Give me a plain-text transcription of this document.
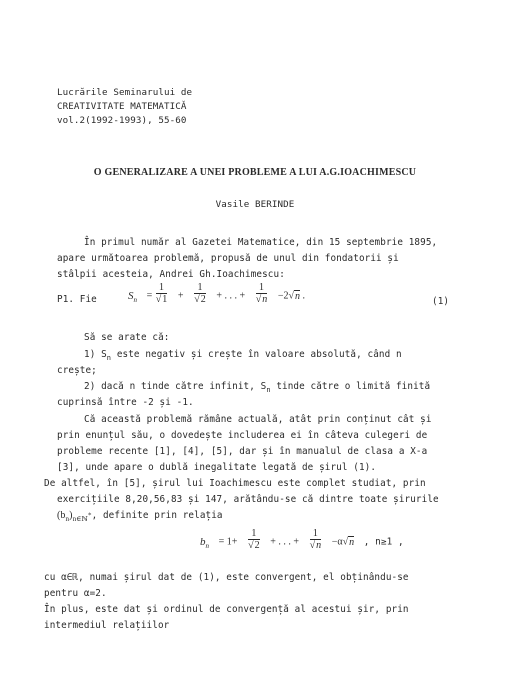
Lucrările Seminarului de
CREATIVITATE MATEMATICĂ
vol.2(1992-1993), 55-60
O GENERALIZARE A UNEI PROBLEME A LUI A.G.IOACHIMESCU
Vasile BERINDE
În primul număr al Gazetei Matematice, din 15 septembrie 1895,
apare următoarea problemă, propusă de unul din fondatorii și
stâlpii acesteia, Andrei Gh.Ioachimescu:
P1. Fie	$S_n = \frac{1}{√1} + \frac{1}{√2}$ + . . . + $\frac{1}{√n} -2√n$ .	(1)
Să se arate că:
1) $S_n$ este negativ și crește în valoare absolută, când n
crește;
2) dacă n tinde către infinit, $S_n$ tinde către o limită finită
cuprinsă între -2 și -1.
Că această problemă rămâne actuală, atât prin conținut cât și
prin enunțul său, o dovedește includerea ei în câteva culegeri de
probleme recente [1], [4], [5], dar și în manualul de clasa a X-a
[3], unde apare o dublă inegalitate legată de șirul (1).
De altfel, în [5], șirul lui Ioachimescu este complet studiat, prin
exercițiile 8,20,56,83 și 147, arătându-se că dintre toate șirurile
$(b_n)_{n\in ℕ^*}$, definite prin relația
$b_n = 1+ \frac{1}{√2}$ + . . . + $\frac{1}{√n} -\alpha√n$ , n≥1 ,
cu α∈ℝ, numai șirul dat de (1), este convergent, el obținându-se
pentru α=2.
În plus, este dat și ordinul de convergență al acestui șir, prin
intermediul relațiilor
